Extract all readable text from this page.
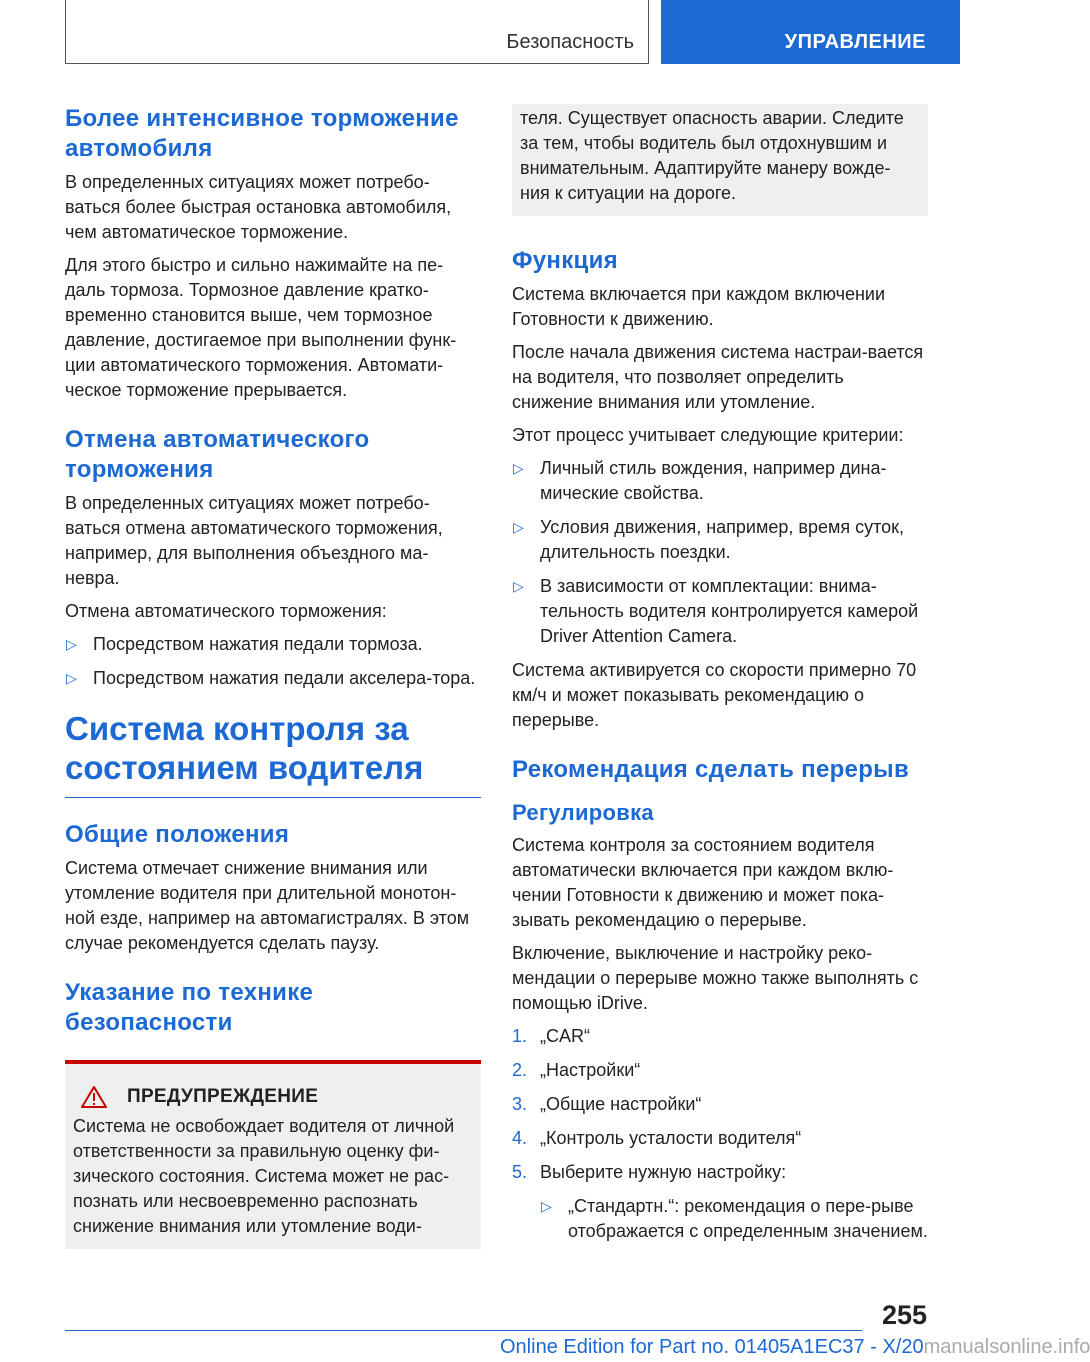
Безопасность	УПРАВЛЕНИЕ
Более интенсивное торможение автомобиля

В определенных ситуациях может потребо-ваться более быстрая остановка автомобиля, чем автоматическое торможение.

Для этого быстро и сильно нажимайте на пе-даль тормоза. Тормозное давление кратко-временно становится выше, чем тормозное давление, достигаемое при выполнении функ-ции автоматического торможения. Автомати-ческое торможение прерывается.

Отмена автоматического торможения

В определенных ситуациях может потребо-ваться отмена автоматического торможения, например, для выполнения объездного ма-невра.

Отмена автоматического торможения:

▷ Посредством нажатия педали тормоза.
▷ Посредством нажатия педали акселера-тора.
Система контроля за состоянием водителя
Общие положения

Система отмечает снижение внимания или утомление водителя при длительной монотон-ной езде, например на автомагистралях. В этом случае рекомендуется сделать паузу.

Указание по технике безопасности
ПРЕДУПРЕЖДЕНИЕ

Система не освобождает водителя от личной ответственности за правильную оценку фи-зического состояния. Система может не рас-познать или несвоевременно распознать снижение внимания или утомление води-

теля. Существует опасность аварии. Следите за тем, чтобы водитель был отдохнувшим и внимательным. Адаптируйте манеру вожде-ния к ситуации на дороге.

Функция

Система включается при каждом включении Готовности к движению.

После начала движения система настраи-вается на водителя, что позволяет определить снижение внимания или утомление.

Этот процесс учитывает следующие критерии:

▷ Личный стиль вождения, например дина-мические свойства.
▷ Условия движения, например, время суток, длительность поездки.
▷ В зависимости от комплектации: внима-тельность водителя контролируется камерой Driver Attention Camera.

Система активируется со скорости примерно 70 км/ч и может показывать рекомендацию о перерыве.

Рекомендация сделать перерыв
Регулировка

Система контроля за состоянием водителя автоматически включается при каждом вклю-чении Готовности к движению и может пока-зывать рекомендацию о перерыве.

Включение, выключение и настройку реко-мендации о перерыве можно также выполнять с помощью iDrive.

1. „CAR“
2. „Настройки“
3. „Общие настройки“
4. „Контроль усталости водителя“
5. Выберите нужную настройку:
▷ „Стандартн.“: рекомендация о пере-рыве отображается с определенным значением.
255
Online Edition for Part no. 01405A1EC37 - X/20manualsonline.info
